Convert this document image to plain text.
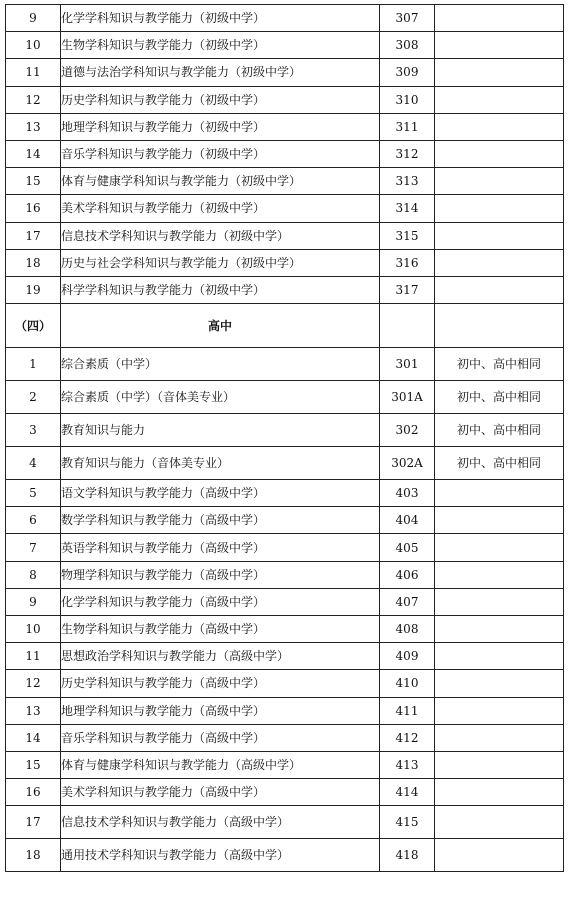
9	化学学科知识与教学能力（初级中学）	307	
10	生物学科知识与教学能力（初级中学）	308	
11	道德与法治学科知识与教学能力（初级中学）	309	
12	历史学科知识与教学能力（初级中学）	310	
13	地理学科知识与教学能力（初级中学）	311	
14	音乐学科知识与教学能力（初级中学）	312	
15	体育与健康学科知识与教学能力（初级中学）	313	
16	美术学科知识与教学能力（初级中学）	314	
17	信息技术学科知识与教学能力（初级中学）	315	
18	历史与社会学科知识与教学能力（初级中学）	316	
19	科学学科知识与教学能力（初级中学）	317	
（四）	高中		
1	综合素质（中学）	301	初中、高中相同
2	综合素质（中学）（音体美专业）	301A	初中、高中相同
3	教育知识与能力	302	初中、高中相同
4	教育知识与能力（音体美专业）	302A	初中、高中相同
5	语文学科知识与教学能力（高级中学）	403	
6	数学学科知识与教学能力（高级中学）	404	
7	英语学科知识与教学能力（高级中学）	405	
8	物理学科知识与教学能力（高级中学）	406	
9	化学学科知识与教学能力（高级中学）	407	
10	生物学科知识与教学能力（高级中学）	408	
11	思想政治学科知识与教学能力（高级中学）	409	
12	历史学科知识与教学能力（高级中学）	410	
13	地理学科知识与教学能力（高级中学）	411	
14	音乐学科知识与教学能力（高级中学）	412	
15	体育与健康学科知识与教学能力（高级中学）	413	
16	美术学科知识与教学能力（高级中学）	414	
17	信息技术学科知识与教学能力（高级中学）	415	
18	通用技术学科知识与教学能力（高级中学）	418	
